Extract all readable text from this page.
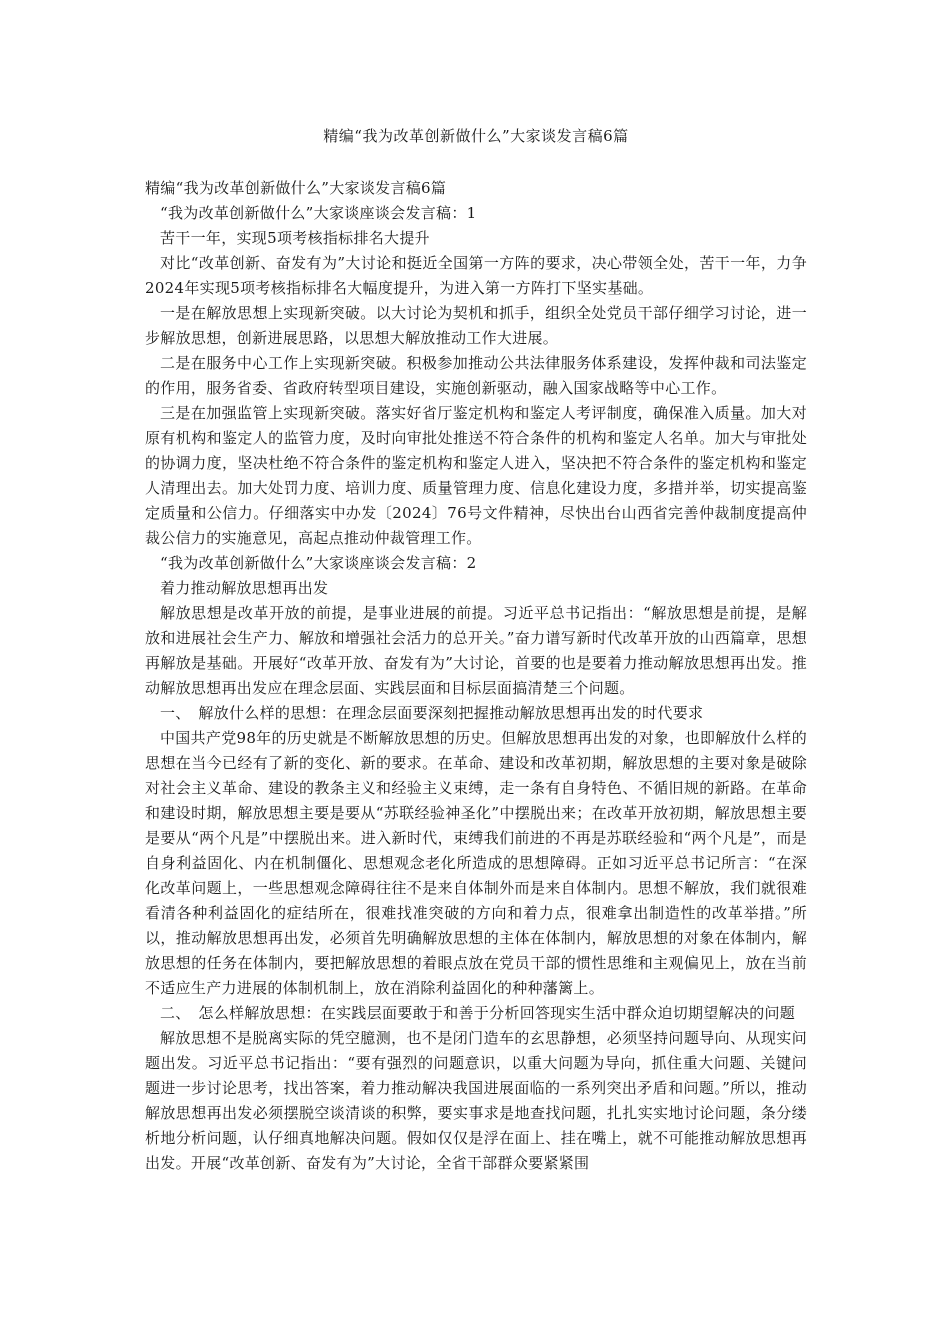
精编“我为改革创新做什么”大家谈发言稿6篇

精编“我为改革创新做什么”大家谈发言稿6篇

“我为改革创新做什么”大家谈座谈会发言稿：1

苦干一年，实现5项考核指标排名大提升

对比“改革创新、奋发有为”大讨论和挺近全国第一方阵的要求，决心带领全处，苦干一年，力争2024年实现5项考核指标排名大幅度提升，为进入第一方阵打下坚实基础。

一是在解放思想上实现新突破。以大讨论为契机和抓手，组织全处党员干部仔细学习讨论，进一步解放思想，创新进展思路，以思想大解放推动工作大进展。

二是在服务中心工作上实现新突破。积极参加推动公共法律服务体系建设，发挥仲裁和司法鉴定的作用，服务省委、省政府转型项目建设，实施创新驱动，融入国家战略等中心工作。

三是在加强监管上实现新突破。落实好省厅鉴定机构和鉴定人考评制度，确保准入质量。加大对原有机构和鉴定人的监管力度，及时向审批处推送不符合条件的机构和鉴定人名单。加大与审批处的协调力度，坚决杜绝不符合条件的鉴定机构和鉴定人进入，坚决把不符合条件的鉴定机构和鉴定人清理出去。加大处罚力度、培训力度、质量管理力度、信息化建设力度，多措并举，切实提高鉴定质量和公信力。仔细落实中办发〔2024〕76号文件精神，尽快出台山西省完善仲裁制度提高仲裁公信力的实施意见，高起点推动仲裁管理工作。

“我为改革创新做什么”大家谈座谈会发言稿：2

着力推动解放思想再出发

解放思想是改革开放的前提，是事业进展的前提。习近平总书记指出：“解放思想是前提，是解放和进展社会生产力、解放和增强社会活力的总开关。”奋力谱写新时代改革开放的山西篇章，思想再解放是基础。开展好“改革开放、奋发有为”大讨论，首要的也是要着力推动解放思想再出发。推动解放思想再出发应在理念层面、实践层面和目标层面搞清楚三个问题。

一、　解放什么样的思想：在理念层面要深刻把握推动解放思想再出发的时代要求

中国共产党98年的历史就是不断解放思想的历史。但解放思想再出发的对象，也即解放什么样的思想在当今已经有了新的变化、新的要求。在革命、建设和改革初期，解放思想的主要对象是破除对社会主义革命、建设的教条主义和经验主义束缚，走一条有自身特色、不循旧规的新路。在革命和建设时期，解放思想主要是要从“苏联经验神圣化”中摆脱出来；在改革开放初期，解放思想主要是要从“两个凡是”中摆脱出来。进入新时代，束缚我们前进的不再是苏联经验和“两个凡是”，而是自身利益固化、内在机制僵化、思想观念老化所造成的思想障碍。正如习近平总书记所言：“在深化改革问题上，一些思想观念障碍往往不是来自体制外而是来自体制内。思想不解放，我们就很难看清各种利益固化的症结所在，很难找准突破的方向和着力点，很难拿出制造性的改革举措。”所以，推动解放思想再出发，必须首先明确解放思想的主体在体制内，解放思想的对象在体制内，解放思想的任务在体制内，要把解放思想的着眼点放在党员干部的惯性思维和主观偏见上，放在当前不适应生产力进展的体制机制上，放在消除利益固化的种种藩篱上。

二、　怎么样解放思想：在实践层面要敢于和善于分析回答现实生活中群众迫切期望解决的问题

解放思想不是脱离实际的凭空臆测，也不是闭门造车的玄思静想，必须坚持问题导向、从现实问题出发。习近平总书记指出：“要有强烈的问题意识，以重大问题为导向，抓住重大问题、关键问题进一步讨论思考，找出答案，着力推动解决我国进展面临的一系列突出矛盾和问题。”所以，推动解放思想再出发必须摆脱空谈清谈的积弊，要实事求是地查找问题，扎扎实实地讨论问题，条分缕析地分析问题，认仔细真地解决问题。假如仅仅是浮在面上、挂在嘴上，就不可能推动解放思想再出发。开展“改革创新、奋发有为”大讨论，全省干部群众要紧紧围
